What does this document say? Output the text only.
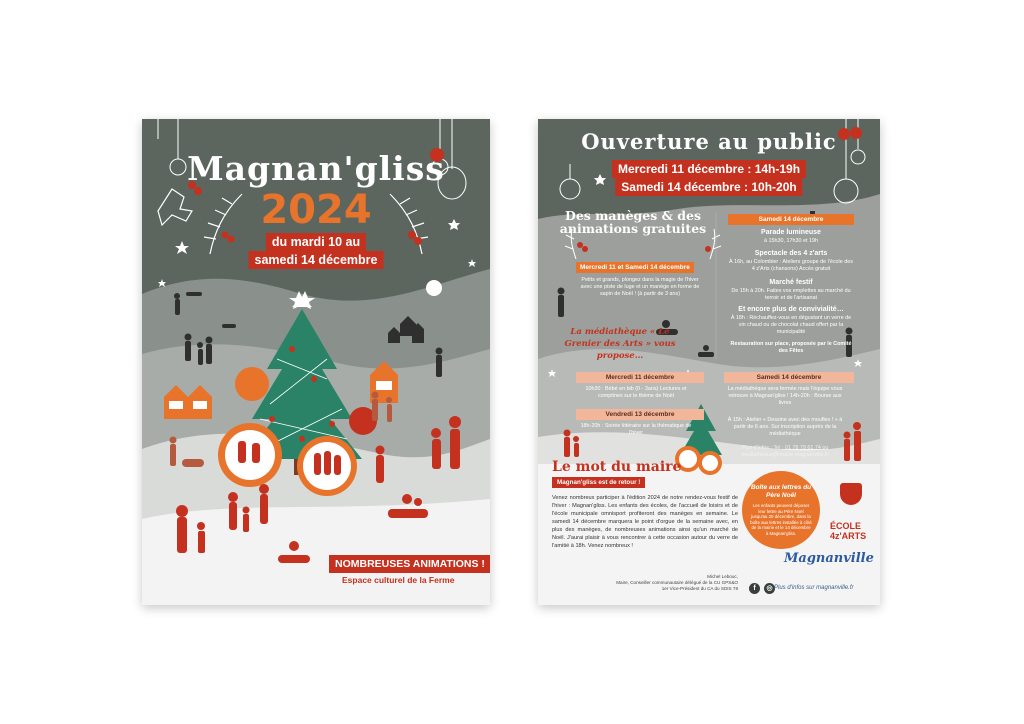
Magnan'gliss
2024
du mardi 10 au
samedi 14 décembre
NOMBREUSES ANIMATIONS !
Espace culturel de la Ferme
Ouverture au public
Mercredi 11 décembre : 14h-19h
Samedi 14 décembre : 10h-20h
Des manèges & des animations gratuites
Mercredi 11 et Samedi 14 décembre
Petits et grands, plongez dans la magie de l'hiver avec une piste de luge et un manège en forme de sapin de Noël ! (à partir de 3 ans)
Samedi 14 décembre
Parade lumineuse
à 15h30, 17h30 et 19h
Spectacle des 4 z'arts
À 16h, au Colombier : Ateliers groupe de l'école des 4 z'Arts (chansons) Accès gratuit
Marché festif
De 15h à 20h. Faites vos emplettes au marché du terroir et de l'artisanat
Et encore plus de convivialité…
À 18h : Réchauffez-vous en dégustant un verre de vin chaud ou de chocolat chaud offert par la municipalité
Restauration sur place, proposée par le Comité des Fêtes
La médiathèque « Le Grenier des Arts » vous propose…
Mercredi 11 décembre
10h30 : Bébé en bib (0 - 3ans) Lectures et comptines sur le thème de Noël
Vendredi 13 décembre
18h-20h : Soirée littéraire sur la thématique de l'hiver
Samedi 14 décembre
La médiathèque sera fermée mais l'équipe vous retrouve à Magnan'gliss ! 14h-20h : Bourse aux livres
À 15h : Atelier « Dessine avec des moufles ! » à partir de 6 ans. Sur inscription auprès de la médiathèque
Plus d'infos : Tel : 01 78 79 61 74 ou mediatheque@mairie-magnanville.fr
Le mot du maire
Magnan'gliss est de retour !
Venez nombreux participer à l'édition 2024 de notre rendez-vous festif de l'hiver : Magnan'gliss. Les enfants des écoles, de l'accueil de loisirs et de l'école municipale omnisport profiteront des manèges en semaine. Le samedi 14 décembre marquera le point d'orgue de la semaine avec, en plus des manèges, de nombreuses animations ainsi qu'un marché de Noël. J'aurai plaisir à vous rencontrer à cette occasion autour du verre de l'amitié à 18h. Venez nombreux !
Michel Lebouc,
Maire, Conseiller communautaire délégué de la CU GPS&O
1er Vice-Président du CA du SDIS 78
Boîte aux lettres du Père Noël
Les enfants peuvent déposer leur lettre au Père Noël jusqu'au 20 décembre, dans la boîte aux lettres installée à côté de la mairie et le 14 décembre à Magnan'gliss.
ÉCOLE 4z'ARTS
Magnanville
f	◎ Plus d'infos sur magnanville.fr
